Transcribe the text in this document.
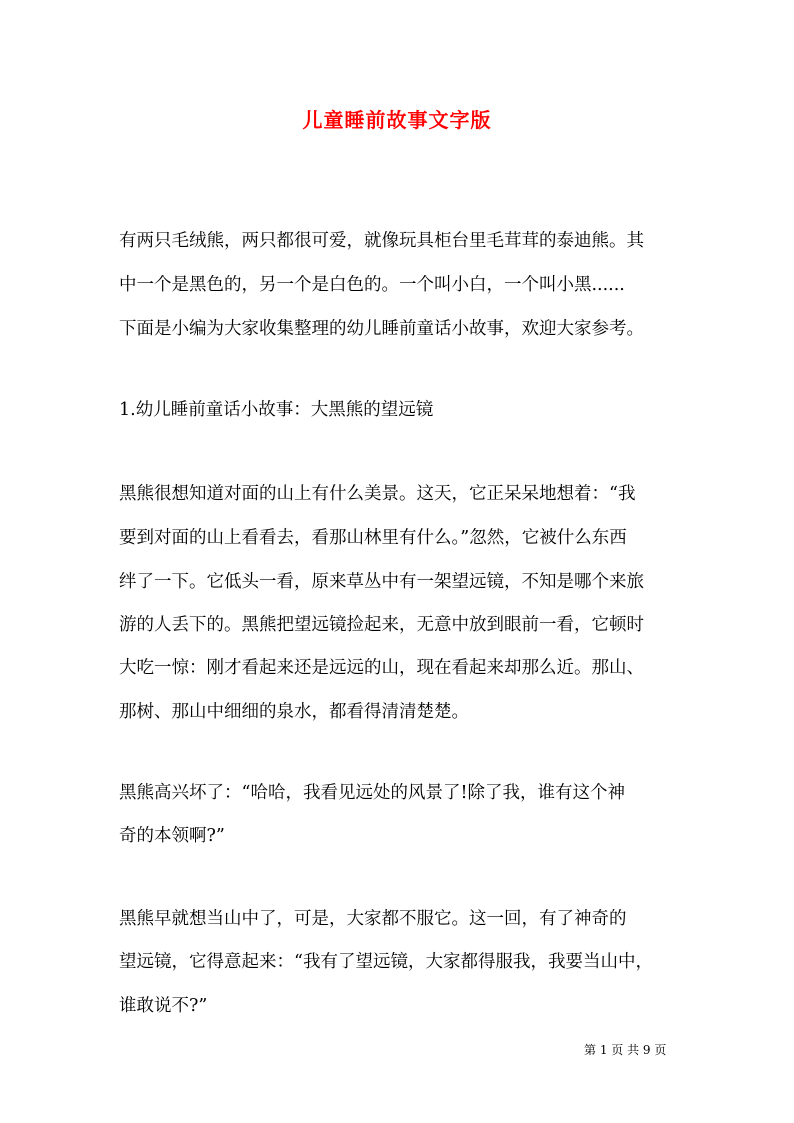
儿童睡前故事文字版
有两只毛绒熊，两只都很可爱，就像玩具柜台里毛茸茸的泰迪熊。其
中一个是黑色的，另一个是白色的。一个叫小白，一个叫小黑......
下面是小编为大家收集整理的幼儿睡前童话小故事，欢迎大家参考。
1.幼儿睡前童话小故事：大黑熊的望远镜
黑熊很想知道对面的山上有什么美景。这天，它正呆呆地想着：“我
要到对面的山上看看去，看那山林里有什么。”忽然，它被什么东西
绊了一下。它低头一看，原来草丛中有一架望远镜，不知是哪个来旅
游的人丢下的。黑熊把望远镜捡起来，无意中放到眼前一看，它顿时
大吃一惊：刚才看起来还是远远的山，现在看起来却那么近。那山、
那树、那山中细细的泉水，都看得清清楚楚。
黑熊高兴坏了：“哈哈，我看见远处的风景了!除了我，谁有这个神
奇的本领啊?”
黑熊早就想当山中了，可是，大家都不服它。这一回，有了神奇的
望远镜，它得意起来：“我有了望远镜，大家都得服我，我要当山中，
谁敢说不?”
第 1 页 共 9 页
